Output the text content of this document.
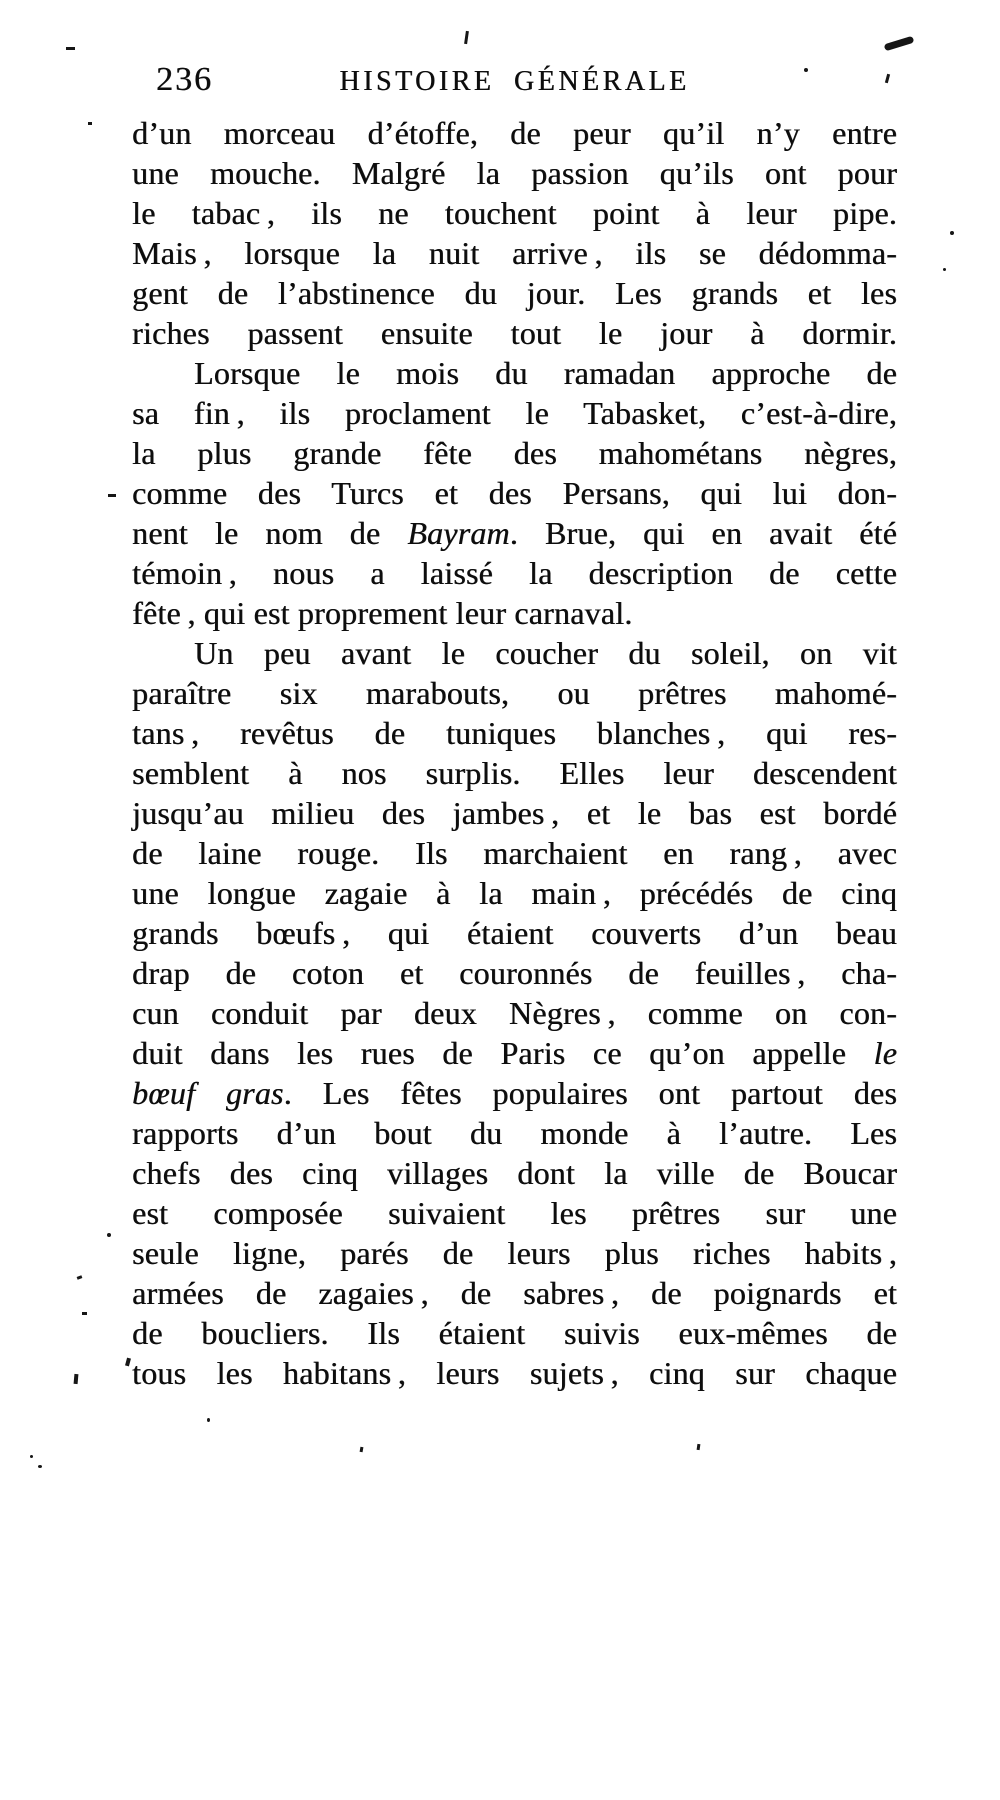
236	HISTOIRE GÉNÉRALE
d’un morceau d’étoffe, de peur qu’il n’y entre
une mouche. Malgré la passion qu’ils ont pour
le tabac , ils ne touchent point à leur pipe.
Mais , lorsque la nuit arrive , ils se dédomma-
gent de l’abstinence du jour. Les grands et les
riches passent ensuite tout le jour à dormir.
Lorsque le mois du ramadan approche de
sa fin , ils proclament le Tabasket, c’est-à-dire,
la plus grande fête des mahométans nègres,
comme des Turcs et des Persans, qui lui don-
nent le nom de Bayram. Brue, qui en avait été
témoin , nous a laissé la description de cette
fête , qui est proprement leur carnaval.
Un peu avant le coucher du soleil, on vit
paraître six marabouts, ou prêtres mahomé-
tans , revêtus de tuniques blanches , qui res-
semblent à nos surplis. Elles leur descendent
jusqu’au milieu des jambes , et le bas est bordé
de laine rouge. Ils marchaient en rang , avec
une longue zagaie à la main , précédés de cinq
grands bœufs , qui étaient couverts d’un beau
drap de coton et couronnés de feuilles , cha-
cun conduit par deux Nègres , comme on con-
duit dans les rues de Paris ce qu’on appelle le
bœuf gras. Les fêtes populaires ont partout des
rapports d’un bout du monde à l’autre. Les
chefs des cinq villages dont la ville de Boucar
est composée suivaient les prêtres sur une
seule ligne, parés de leurs plus riches habits ,
armées de zagaies , de sabres , de poignards et
de boucliers. Ils étaient suivis eux-mêmes de
tous les habitans , leurs sujets , cinq sur chaque
